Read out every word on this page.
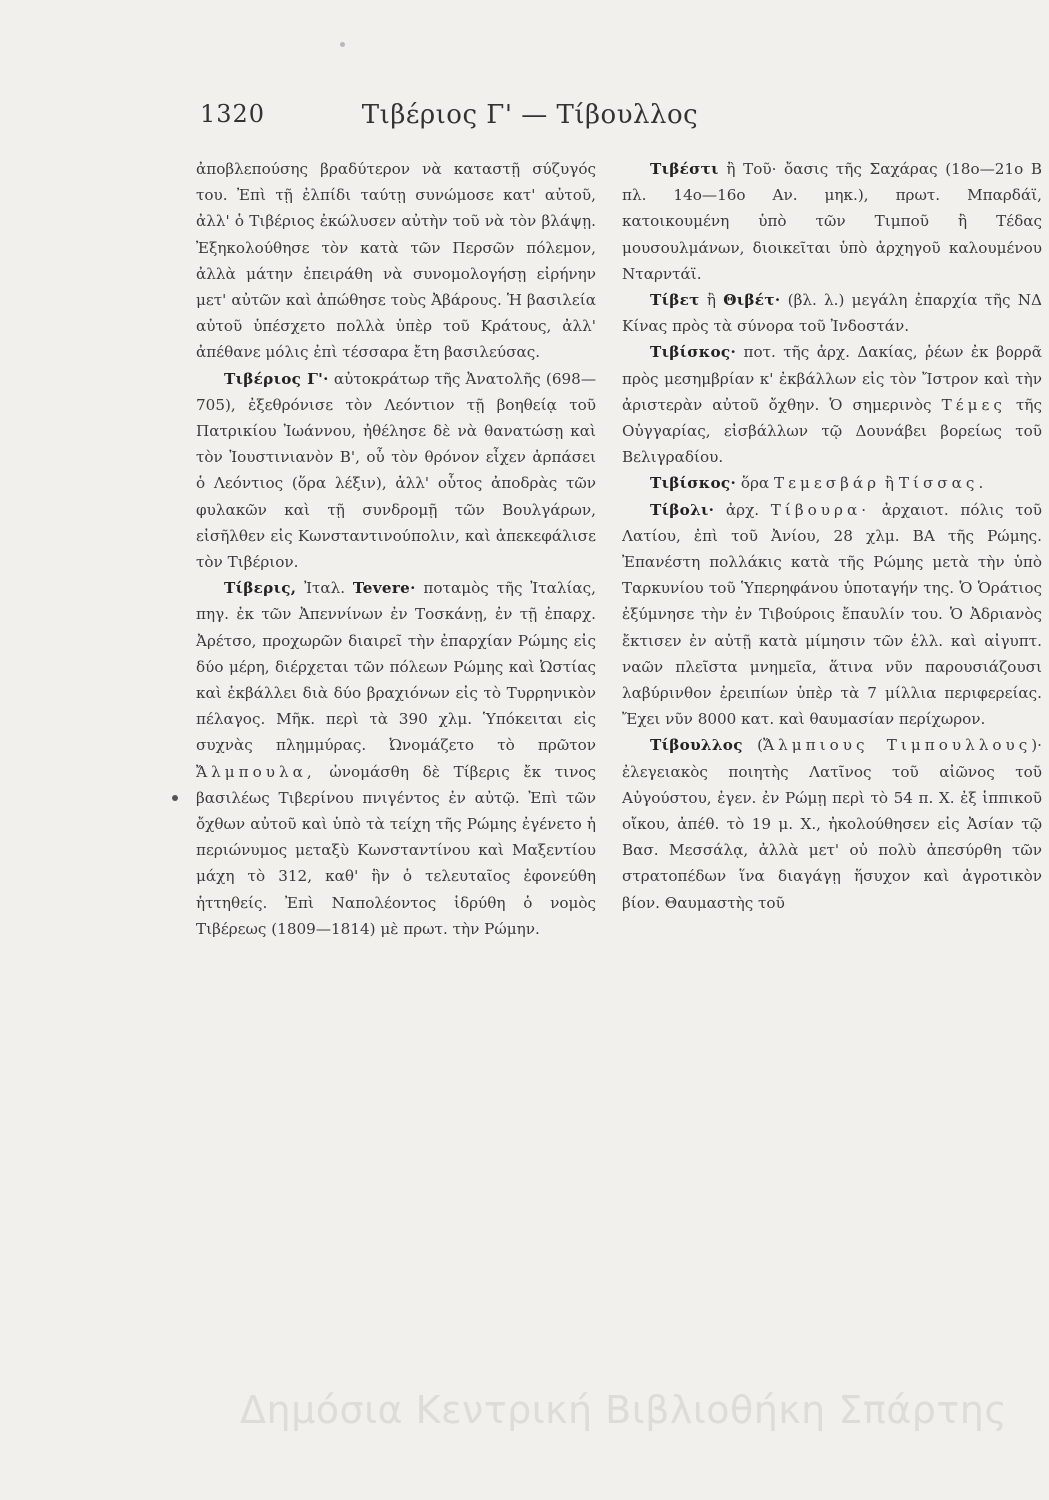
1320	Τιβέριος Γ' — Τίβουλλος

ἀποβλεπούσης βραδύτερον νὰ καταστῇ σύζυγός του. Ἐπὶ τῇ ἐλπίδι ταύτῃ συνώμοσε κατ' αὐτοῦ, ἀλλ' ὁ Τιβέριος ἐκώλυσεν αὐτὴν τοῦ νὰ τὸν βλάψῃ. Ἐξηκολούθησε τὸν κατὰ τῶν Περσῶν πόλεμον, ἀλλὰ μάτην ἐπειράθη νὰ συνομολογήσῃ εἰρήνην μετ' αὐτῶν καὶ ἀπώθησε τοὺς Ἀβάρους. Ἡ βασιλεία αὐτοῦ ὑπέσχετο πολλὰ ὑπὲρ τοῦ Κράτους, ἀλλ' ἀπέθανε μόλις ἐπὶ τέσσαρα ἔτη βασιλεύσας.

Τιβέριος Γ'· αὐτοκράτωρ τῆς Ἀνατολῆς (698—705), ἐξεθρόνισε τὸν Λεόντιον τῇ βοηθείᾳ τοῦ Πατρικίου Ἰωάννου, ἠθέλησε δὲ νὰ θανατώσῃ καὶ τὸν Ἰουστινιανὸν Β', οὗ τὸν θρόνον εἶχεν ἁρπάσει ὁ Λεόντιος (ὅρα λέξιν), ἀλλ' οὗτος ἀποδρὰς τῶν φυλακῶν καὶ τῇ συνδρομῇ τῶν Βουλγάρων, εἰσῆλθεν εἰς Κωνσταντινούπολιν, καὶ ἀπεκεφάλισε τὸν Τιβέριον.

Τίβερις, Ἰταλ. Tevere· ποταμὸς τῆς Ἰταλίας, πηγ. ἐκ τῶν Ἀπεννίνων ἐν Τοσκάνῃ, ἐν τῇ ἐπαρχ. Ἀρέτσο, προχωρῶν διαιρεῖ τὴν ἐπαρχίαν Ρώμης εἰς δύο μέρη, διέρχεται τῶν πόλεων Ρώμης καὶ Ὠστίας καὶ ἐκβάλλει διὰ δύο βραχιόνων εἰς τὸ Τυρρηνικὸν πέλαγος. Μῆκ. περὶ τὰ 390 χλμ. Ὑπόκειται εἰς συχνὰς πλημμύρας. Ὠνομάζετο τὸ πρῶτον Ἄλμπουλα, ὠνομάσθη δὲ Τίβερις ἔκ τινος βασιλέως Τιβερίνου πνιγέντος ἐν αὐτῷ. Ἐπὶ τῶν ὄχθων αὐτοῦ καὶ ὑπὸ τὰ τείχη τῆς Ρώμης ἐγένετο ἡ περιώνυμος μεταξὺ Κωνσταντίνου καὶ Μαξεντίου μάχη τὸ 312, καθ' ἣν ὁ τελευταῖος ἐφονεύθη ἡττηθείς. Ἐπὶ Ναπολέοντος ἱδρύθη ὁ νομὸς Τιβέρεως (1809—1814) μὲ πρωτ. τὴν Ρώμην.

Τιβέστι ἢ Τοῦ· ὄασις τῆς Σαχάρας (18ο—21ο Β πλ. 14ο—16ο Αν. μηκ.), πρωτ. Μπαρδάϊ, κατοικουμένη ὑπὸ τῶν Τιμποῦ ἢ Τέδας μουσουλμάνων, διοικεῖται ὑπὸ ἀρχηγοῦ καλουμένου Νταρντάϊ.

Τίβετ ἢ Θιβέτ· (βλ. λ.) μεγάλη ἐπαρχία τῆς ΝΔ Κίνας πρὸς τὰ σύνορα τοῦ Ἰνδοστάν.

Τιβίσκος· ποτ. τῆς ἀρχ. Δακίας, ῥέων ἐκ βορρᾶ πρὸς μεσημβρίαν κ' ἐκβάλλων εἰς τὸν Ἴστρον καὶ τὴν ἀριστερὰν αὐτοῦ ὄχθην. Ὁ σημερινὸς Τέμες τῆς Οὐγγαρίας, εἰσβάλλων τῷ Δουνάβει βορείως τοῦ Βελιγραδίου.

Τιβίσκος· ὅρα Τεμεσβάρ ἢ Τίσσας.

Τίβολι· ἀρχ. Τίβουρα· ἀρχαιοτ. πόλις τοῦ Λατίου, ἐπὶ τοῦ Ἀνίου, 28 χλμ. ΒΑ τῆς Ρώμης. Ἐπανέστη πολλάκις κατὰ τῆς Ρώμης μετὰ τὴν ὑπὸ Ταρκυνίου τοῦ Ὑπερηφάνου ὑποταγήν της. Ὁ Ὁράτιος ἐξύμνησε τὴν ἐν Τιβούροις ἔπαυλίν του. Ὁ Ἀδριανὸς ἔκτισεν ἐν αὐτῇ κατὰ μίμησιν τῶν ἑλλ. καὶ αἰγυπτ. ναῶν πλεῖστα μνημεῖα, ἅτινα νῦν παρουσιάζουσι λαβύρινθον ἐρειπίων ὑπὲρ τὰ 7 μίλλια περιφερείας. Ἔχει νῦν 8000 κατ. καὶ θαυμασίαν περίχωρον.

Τίβουλλος (Ἄλμπιους Τιμπουλλους)· ἐλεγειακὸς ποιητὴς Λατῖνος τοῦ αἰῶνος τοῦ Αὐγούστου, ἐγεν. ἐν Ρώμῃ περὶ τὸ 54 π. Χ. ἐξ ἱππικοῦ οἴκου, ἀπέθ. τὸ 19 μ. Χ., ἠκολούθησεν εἰς Ἀσίαν τῷ Βασ. Μεσσάλᾳ, ἀλλὰ μετ' οὐ πολὺ ἀπεσύρθη τῶν στρατοπέδων ἵνα διαγάγῃ ἥσυχον καὶ ἀγροτικὸν βίον. Θαυμαστὴς τοῦ

Δημόσια Κεντρική Βιβλιοθήκη Σπάρτης
